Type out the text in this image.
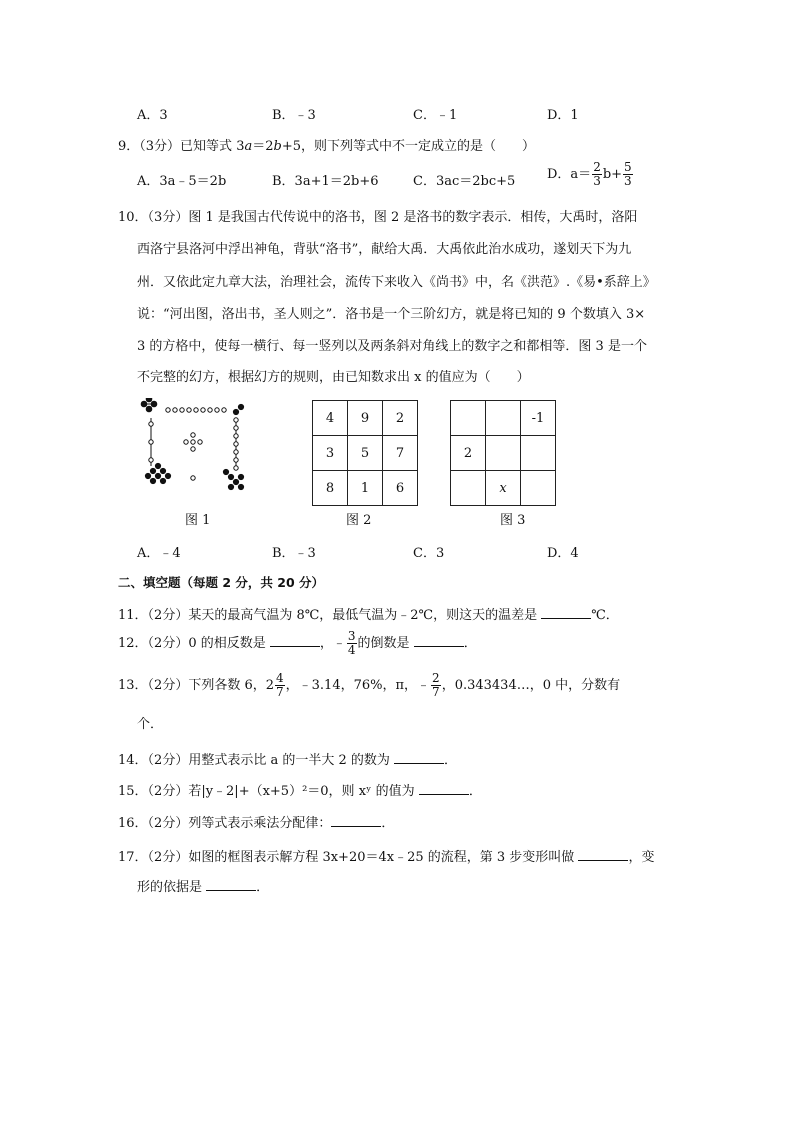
A．3	B．﹣3	C．﹣1	D．1
9．（3分）已知等式 3a＝2b+5，则下列等式中不一定成立的是（　　）
A．3a﹣5＝2b	B．3a+1＝2b+6	C．3ac＝2bc+5 D．$a= \frac{2}{3} b+ \frac{5}{3}$
10．（3分）图 1 是我国古代传说中的洛书，图 2 是洛书的数字表示．相传，大禹时，洛阳
西洛宁县洛河中浮出神龟，背驮“洛书”，献给大禹．大禹依此治水成功，遂划天下为九
州．又依此定九章大法，治理社会，流传下来收入《尚书》中，名《洪范》.《易•系辞上》
说：“河出图，洛出书，圣人则之”．洛书是一个三阶幻方，就是将已知的 9 个数填入 3×
3 的方格中，使每一横行、每一竖列以及两条斜对角线上的数字之和都相等．图 3 是一个
不完整的幻方，根据幻方的规则，由已知数求出 x 的值应为（　　）
图 1
4	9	2
3	5	7
8	1	6
图 2
		-1
2		
	x	
图 3
A．﹣4	B．﹣3	C．3	D．4
二、填空题（每题 2 分，共 20 分）
11．（2分）某天的最高气温为 8℃，最低气温为﹣2℃，则这天的温差是	℃．
12．（2分）0 的相反数是	，﹣ $\frac{3}{4}$ 的倒数是	．
13．（2分）下列各数 6，$2 \frac{4}{7}$ ，﹣3.14，76%，π，﹣ $\frac{2}{7}$ ，0.343434…，0 中，分数有
个．
14．（2分）用整式表示比 a 的一半大 2 的数为	．
15．（2分）若|y﹣2|+（x+5）²＝0，则 xʸ 的值为	．
16．（2分）列等式表示乘法分配律：	．
17．（2分）如图的框图表示解方程 3x+20＝4x﹣25 的流程，第 3 步变形叫做	，变
形的依据是	．
